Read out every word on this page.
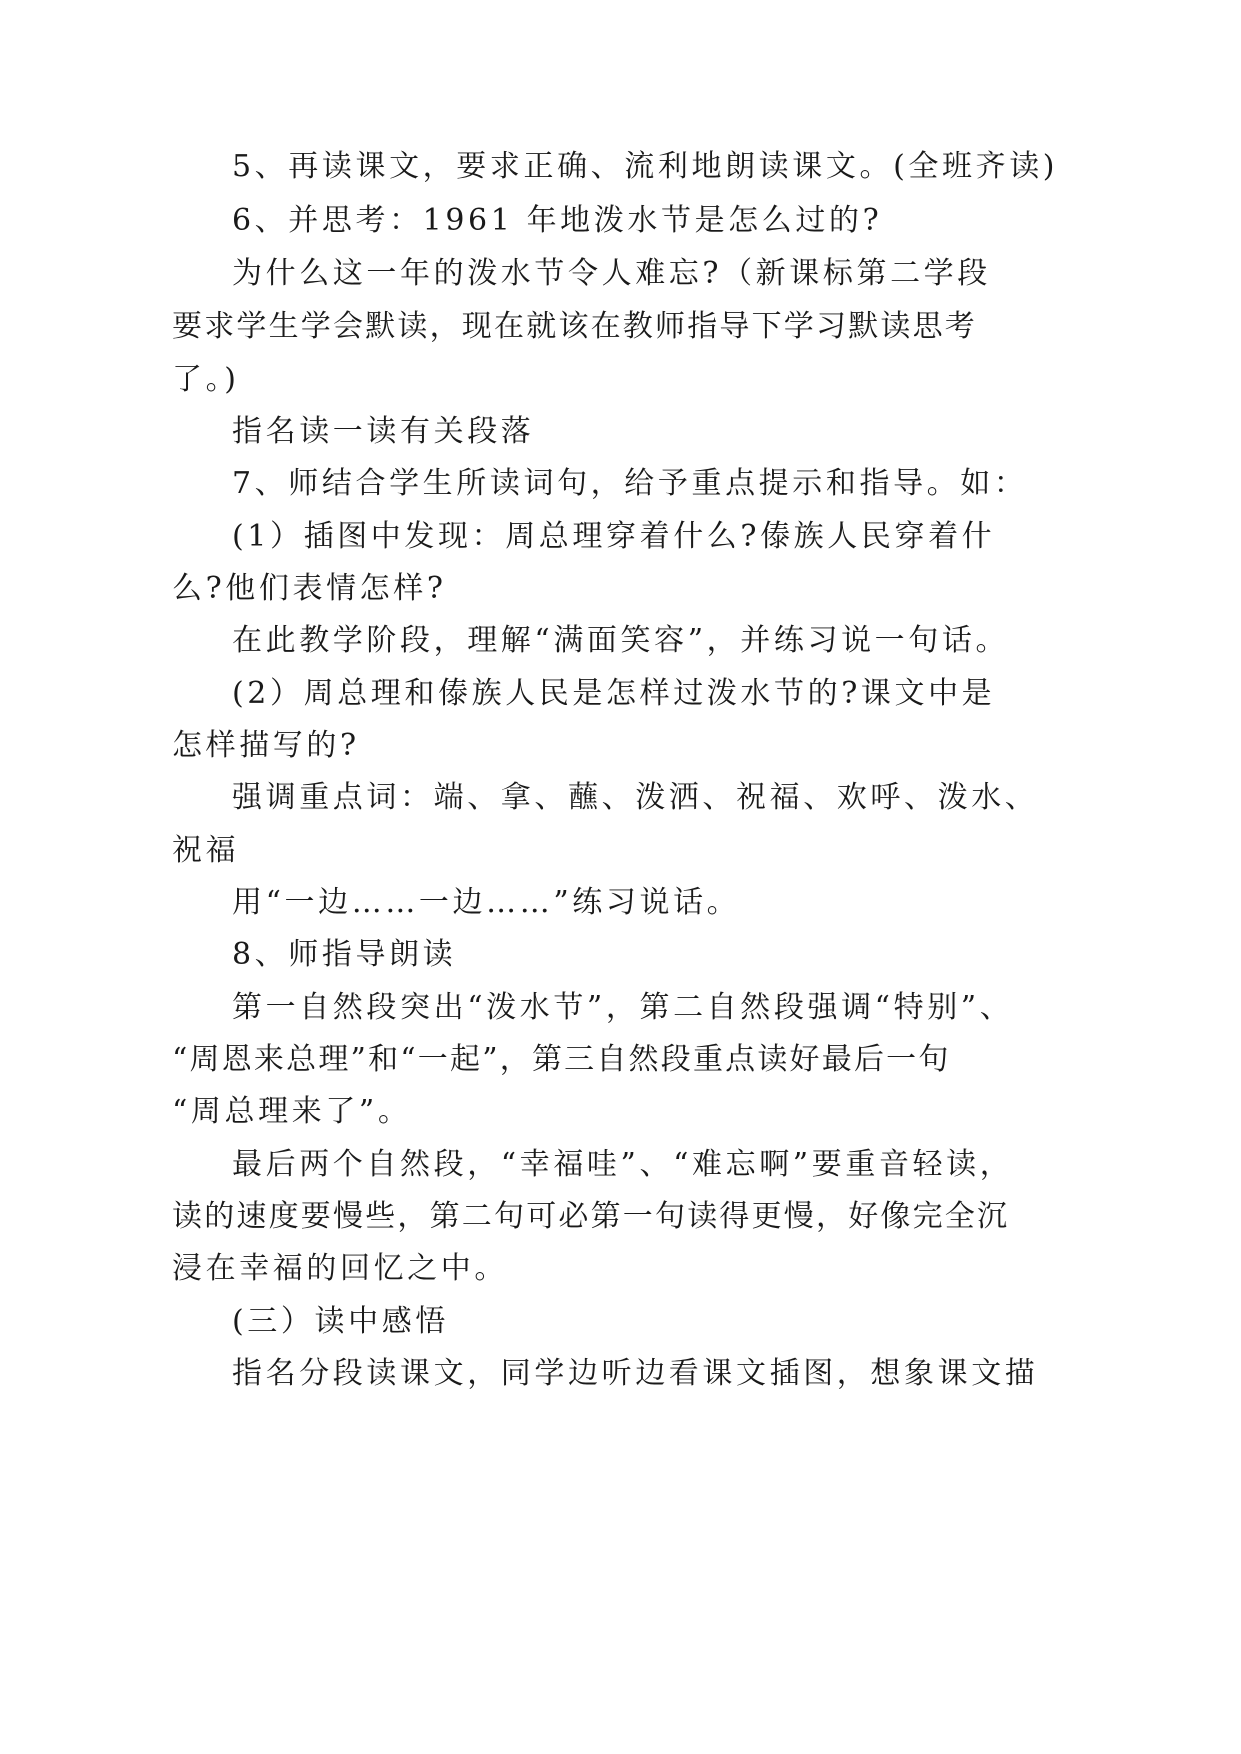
5、再读课文，要求正确、流利地朗读课文。(全班齐读)
6、并思考：1961 年地泼水节是怎么过的?
为什么这一年的泼水节令人难忘?（新课标第二学段
要求学生学会默读，现在就该在教师指导下学习默读思考
了。)
指名读一读有关段落
7、师结合学生所读词句，给予重点提示和指导。如：
(1）插图中发现：周总理穿着什么?傣族人民穿着什
么?他们表情怎样?
在此教学阶段，理解“满面笑容”，并练习说一句话。
(2）周总理和傣族人民是怎样过泼水节的?课文中是
怎样描写的?
强调重点词：端、拿、蘸、泼洒、祝福、欢呼、泼水、
祝福
用“一边……一边……”练习说话。
8、师指导朗读
第一自然段突出“泼水节”，第二自然段强调“特别”、
“周恩来总理”和“一起”，第三自然段重点读好最后一句
“周总理来了”。
最后两个自然段，“幸福哇”、“难忘啊”要重音轻读，
读的速度要慢些，第二句可必第一句读得更慢，好像完全沉
浸在幸福的回忆之中。
(三）读中感悟
指名分段读课文，同学边听边看课文插图，想象课文描
